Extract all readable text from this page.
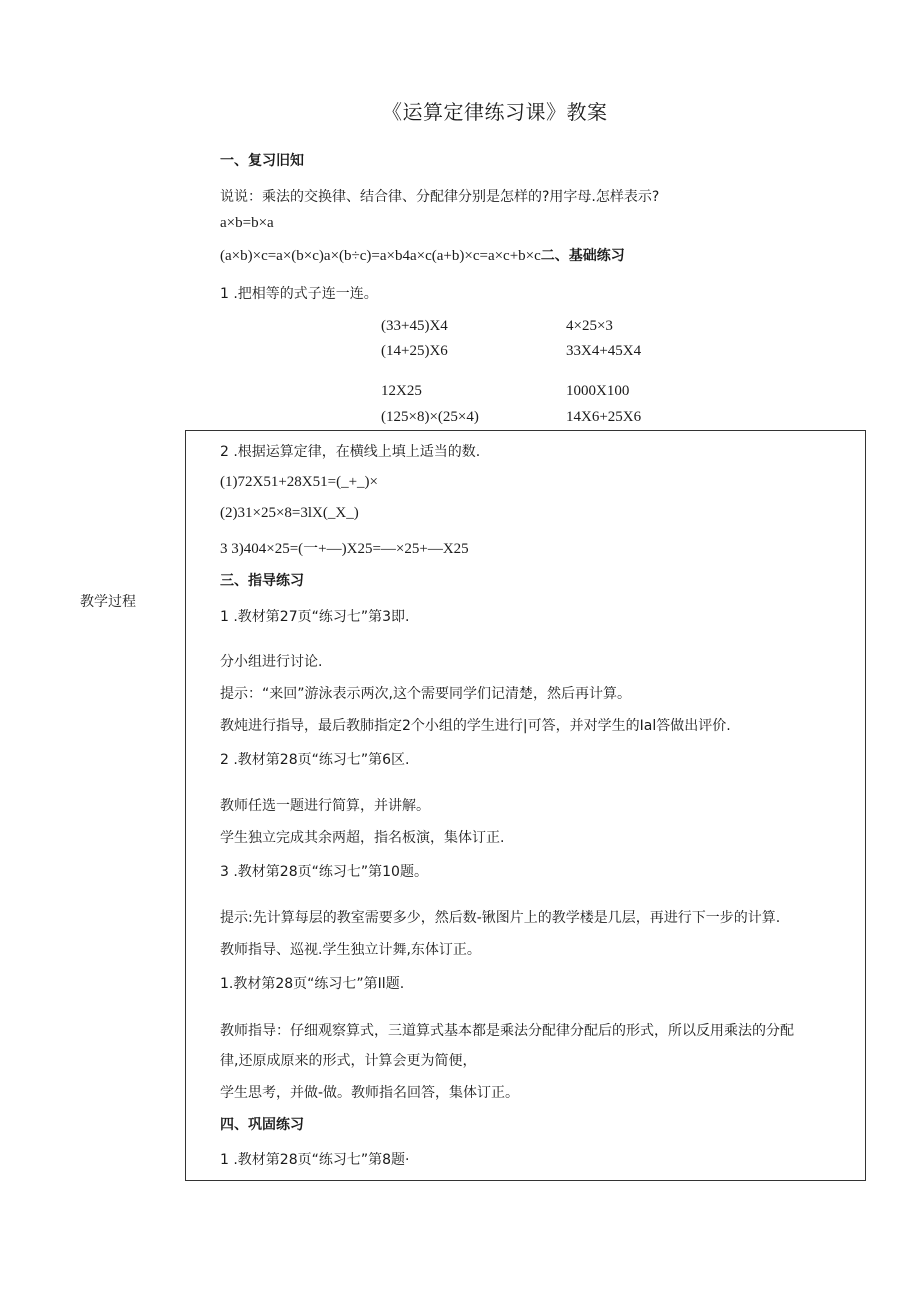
《运算定律练习课》教案
一、复习旧知
说说：乘法的交换律、结合律、分配律分别是怎样的?用字母.怎样表示?
a×b=b×a
(a×b)×c=a×(b×c)a×(b÷c)=a×b4a×c(a+b)×c=a×c+b×c二、基础练习
1 .把相等的式子连一连。
(33+45)X4
(14+25)X6
12X25
(125×8)×(25×4)
4×25×3
33X4+45X4
1000X100
14X6+25X6
教学过程
2 .根据运算定律，在横线上填上适当的数.
(1)72X51+28X51=(_+_)×
(2)31×25×8=3lX(_X_)
3 3)404×25=(一+—)X25=—×25+—X25
三、指导练习
1 .教材第27页“练习七”第3即.
分小组进行讨论.
提示：“来回”游泳表示两次,这个需要同学们记清楚，然后再计算。
教炖进行指导，最后教肺指定2个小组的学生进行|可答，并对学生的Ial答做出评价.
2 .教材第28页“练习七”第6区.
教师任选一题进行简算，并讲解。
学生独立完成其余两超，指名板演，集体订正.
3 .教材第28页“练习七”第10题。
提示:先计算每层的教室需要多少，然后数-锹图片上的教学楼是几层，再进行下一步的计算.
教师指导、巡视.学生独立计舞,东体订正。
1.教材第28页“练习七”第Il题.
教师指导：仔细观察算式，三道算式基本都是乘法分配律分配后的形式，所以反用乘法的分配
律,还原成原来的形式，计算会更为简便，
学生思考，并做-做。教师指名回答，集体订正。
四、巩固练习
1 .教材第28页“练习七”第8题·
